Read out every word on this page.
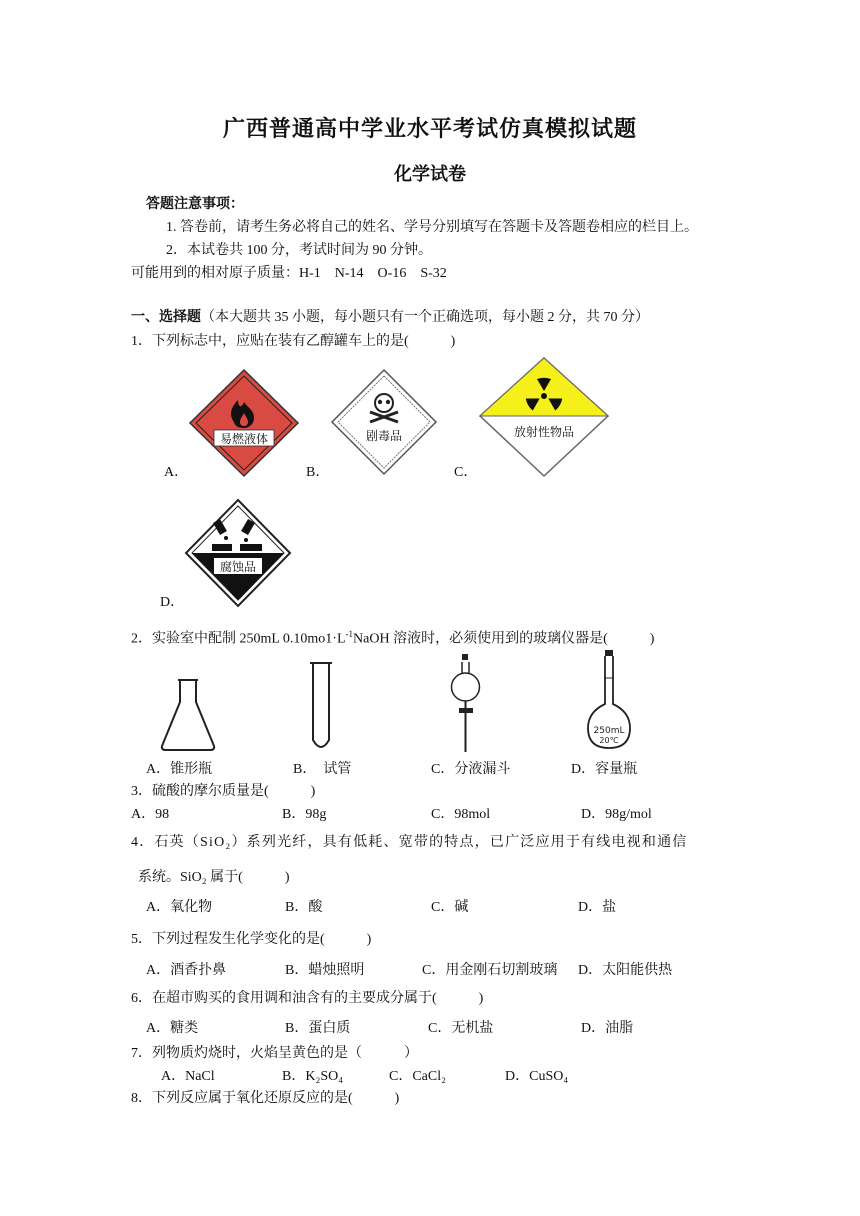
广西普通高中学业水平考试仿真模拟试题
化学试卷
答题注意事项：
1. 答卷前，请考生务必将自己的姓名、学号分别填写在答题卡及答题卷相应的栏目上。
2．本试卷共 100 分，考试时间为 90 分钟。
可能用到的相对原子质量：H-1　N-14　O-16　S-32
一、选择题（本大题共 35 小题，每小题只有一个正确选项，每小题 2 分，共 70 分）
1．下列标志中，应贴在装有乙醇罐车上的是(　　　)
易燃液体
A．
剧毒品
B．
放射性物品
C．
腐蚀品
D．
2．实验室中配制 250mL $0.10mo1\cdot L^{-1}NaOH$ 溶液时，必须使用到的玻璃仪器是(　　　)
250mL
20℃
A．锥形瓶	B．　试管	C．分液漏斗	D．容量瓶
3．硫酸的摩尔质量是(　　　)
A．98	B．98g	C．98mol	D．98g/mol
4．石英（SiO₂）系列光纤，具有低耗、宽带的特点，已广泛应用于有线电视和通信
系统。SiO₂ 属于(　　　)
A．氧化物	B．酸	C．碱	D．盐
5．下列过程发生化学变化的是(　　　)
A．酒香扑鼻	B．蜡烛照明	C．用金刚石切割玻璃 D．太阳能供热
6．在超市购买的食用调和油含有的主要成分属于(　　　)
A．糖类	B．蛋白质	C．无机盐	D．油脂
7．列物质灼烧时，火焰呈黄色的是（　　　）
A．NaCl	B．K₂SO₄	C．CaCl₂	D．CuSO₄
8．下列反应属于氧化还原反应的是(　　　)
